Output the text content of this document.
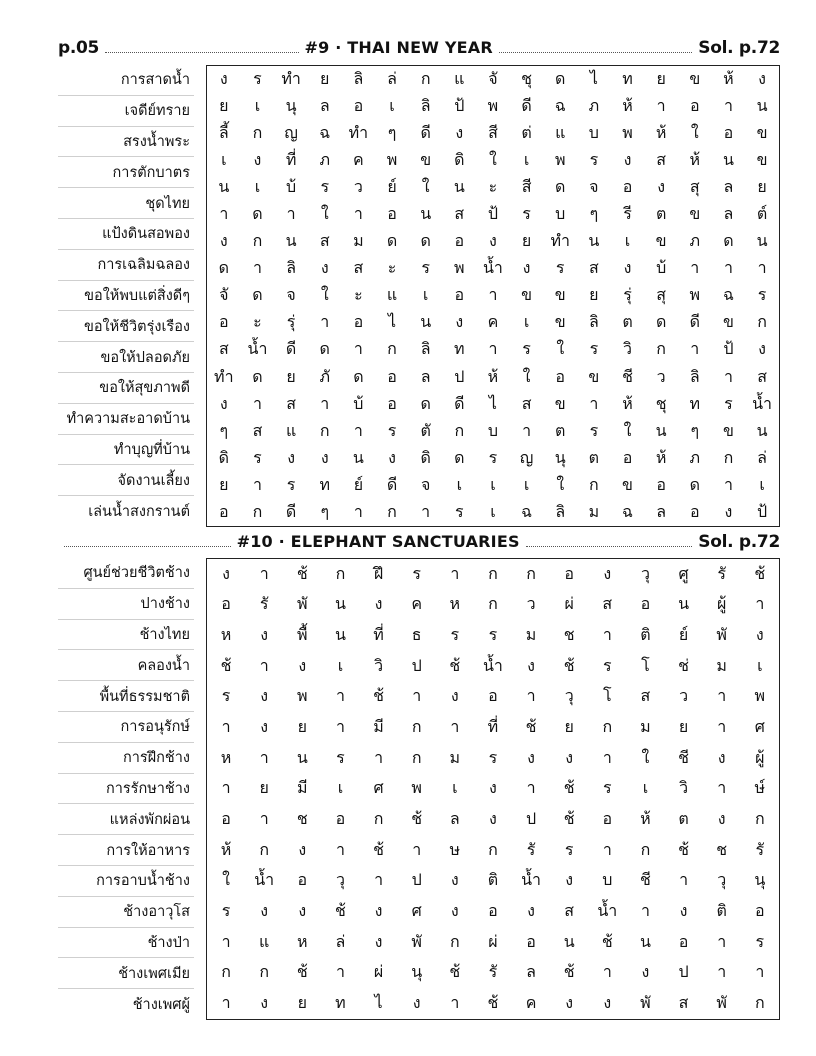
p.05	#9 · THAI NEW YEAR	Sol. p.72
การสาดน้ำ
เจดีย์ทราย
สรงน้ำพระ
การตักบาตร
ชุดไทย
แป้งดินสอพอง
การเฉลิมฉลอง
ขอให้พบแต่สิ่งดีๆ
ขอให้ชีวิตรุ่งเรือง
ขอให้ปลอดภัย
ขอให้สุขภาพดี
ทำความสะอาดบ้าน
ทำบุญที่บ้าน
จัดงานเลี้ยง
เล่นน้ำสงกรานต์
ง	ร	ทำ	ย	ลิ	ล่	ก	แ	จั	ชุ	ด	ไ	ท	ย	ข	ห้	ง
ย	เ	นุ	ล	อ	เ	ลิ	ป้	พ	ดี	ฉ	ภ	ห้	า	อ	า	น
ลี้	ก	ญ	ฉ	ทำ	ๆ	ดี	ง	สี	ต่	แ	บ	พ	ห้	ใ	อ	ข
เ	ง	ที่	ภ	ค	พ	ข	ดิ	ใ	เ	พ	ร	ง	ส	ห้	น	ข
น	เ	บ้	ร	ว	ย์	ใ	น	ะ	สี	ด	จ	อ	ง	สุ	ล	ย
า	ด	า	ใ	า	อ	น	ส	ป้	ร	บ	ๆ	รี	ต	ข	ล	ต์
ง	ก	น	ส	ม	ด	ด	อ	ง	ย	ทำ	น	เ	ข	ภ	ด	น
ด	า	ลิ	ง	ส	ะ	ร	พ	น้ำ	ง	ร	ส	ง	บ้	า	า	า
จั	ด	จ	ใ	ะ	แ	เ	อ	า	ข	ข	ย	รุ่	สุ	พ	ฉ	ร
อ	ะ	รุ่	า	อ	ไ	น	ง	ค	เ	ข	ลิ	ต	ด	ดี	ข	ก
ส	น้ำ	ดี	ด	า	ก	ลิ	ท	า	ร	ใ	ร	วิ	ก	า	ป้	ง
ทำ	ด	ย	ภั	ด	อ	ล	ป	ห้	ใ	อ	ข	ชี	ว	ลิ	า	ส
ง	า	ส	า	บ้	อ	ด	ดี	ไ	ส	ข	า	ห้	ชุ	ท	ร	น้ำ
ๆ	ส	แ	ก	า	ร	ตั	ก	บ	า	ต	ร	ใ	น	ๆ	ข	น
ดิ	ร	ง	ง	น	ง	ดิ	ด	ร	ญ	นุ	ต	อ	ห้	ภ	ก	ล่
ย	า	ร	ท	ย์	ดี	จ	เ	เ	เ	ใ	ก	ข	อ	ด	า	เ
อ	ก	ดี	ๆ	า	ก	า	ร	เ	ฉ	ลิ	ม	ฉ	ล	อ	ง	ป้
#10 · ELEPHANT SANCTUARIES	Sol. p.72
ศูนย์ช่วยชีวิตช้าง
ปางช้าง
ช้างไทย
คลองน้ำ
พื้นที่ธรรมชาติ
การอนุรักษ์
การฝึกช้าง
การรักษาช้าง
แหล่งพักผ่อน
การให้อาหาร
การอาบน้ำช้าง
ช้างอาวุโส
ช้างป่า
ช้างเพศเมีย
ช้างเพศผู้
ง	า	ช้	ก	ฝึ	ร	า	ก	ก	อ	ง	วุ	ศู	รั	ช้
อ	รั	พั	น	ง	ค	ห	ก	ว	ผ่	ส	อ	น	ผู้	า
ห	ง	พื้	น	ที่	ธ	ร	ร	ม	ช	า	ติ	ย์	พั	ง
ช้	า	ง	เ	วิ	ป	ช้	น้ำ	ง	ช้	ร	โ	ช่	ม	เ
ร	ง	พ	า	ช้	า	ง	อ	า	วุ	โ	ส	ว	า	พ
า	ง	ย	า	มี	ก	า	ที่	ช้	ย	ก	ม	ย	า	ศ
ห	า	น	ร	า	ก	ม	ร	ง	ง	า	ใ	ชี	ง	ผู้
า	ย	มี	เ	ศ	พ	เ	ง	า	ช้	ร	เ	วิ	า	ษ์
อ	า	ช	อ	ก	ช้	ล	ง	ป	ช้	อ	ห้	ต	ง	ก
ห้	ก	ง	า	ช้	า	ษ	ก	รั	ร	า	ก	ช้	ช	รั
ใ	น้ำ	อ	วุ	า	ป	ง	ติ	น้ำ	ง	บ	ชี	า	วุ	นุ
ร	ง	ง	ช้	ง	ศ	ง	อ	ง	ส	น้ำ	า	ง	ติ	อ
า	แ	ห	ล่	ง	พั	ก	ผ่	อ	น	ช้	น	อ	า	ร
ก	ก	ช้	า	ผ่	นุ	ช้	รั	ล	ช้	า	ง	ป	า	า
า	ง	ย	ท	ไ	ง	า	ช้	ค	ง	ง	พั	ส	พั	ก
